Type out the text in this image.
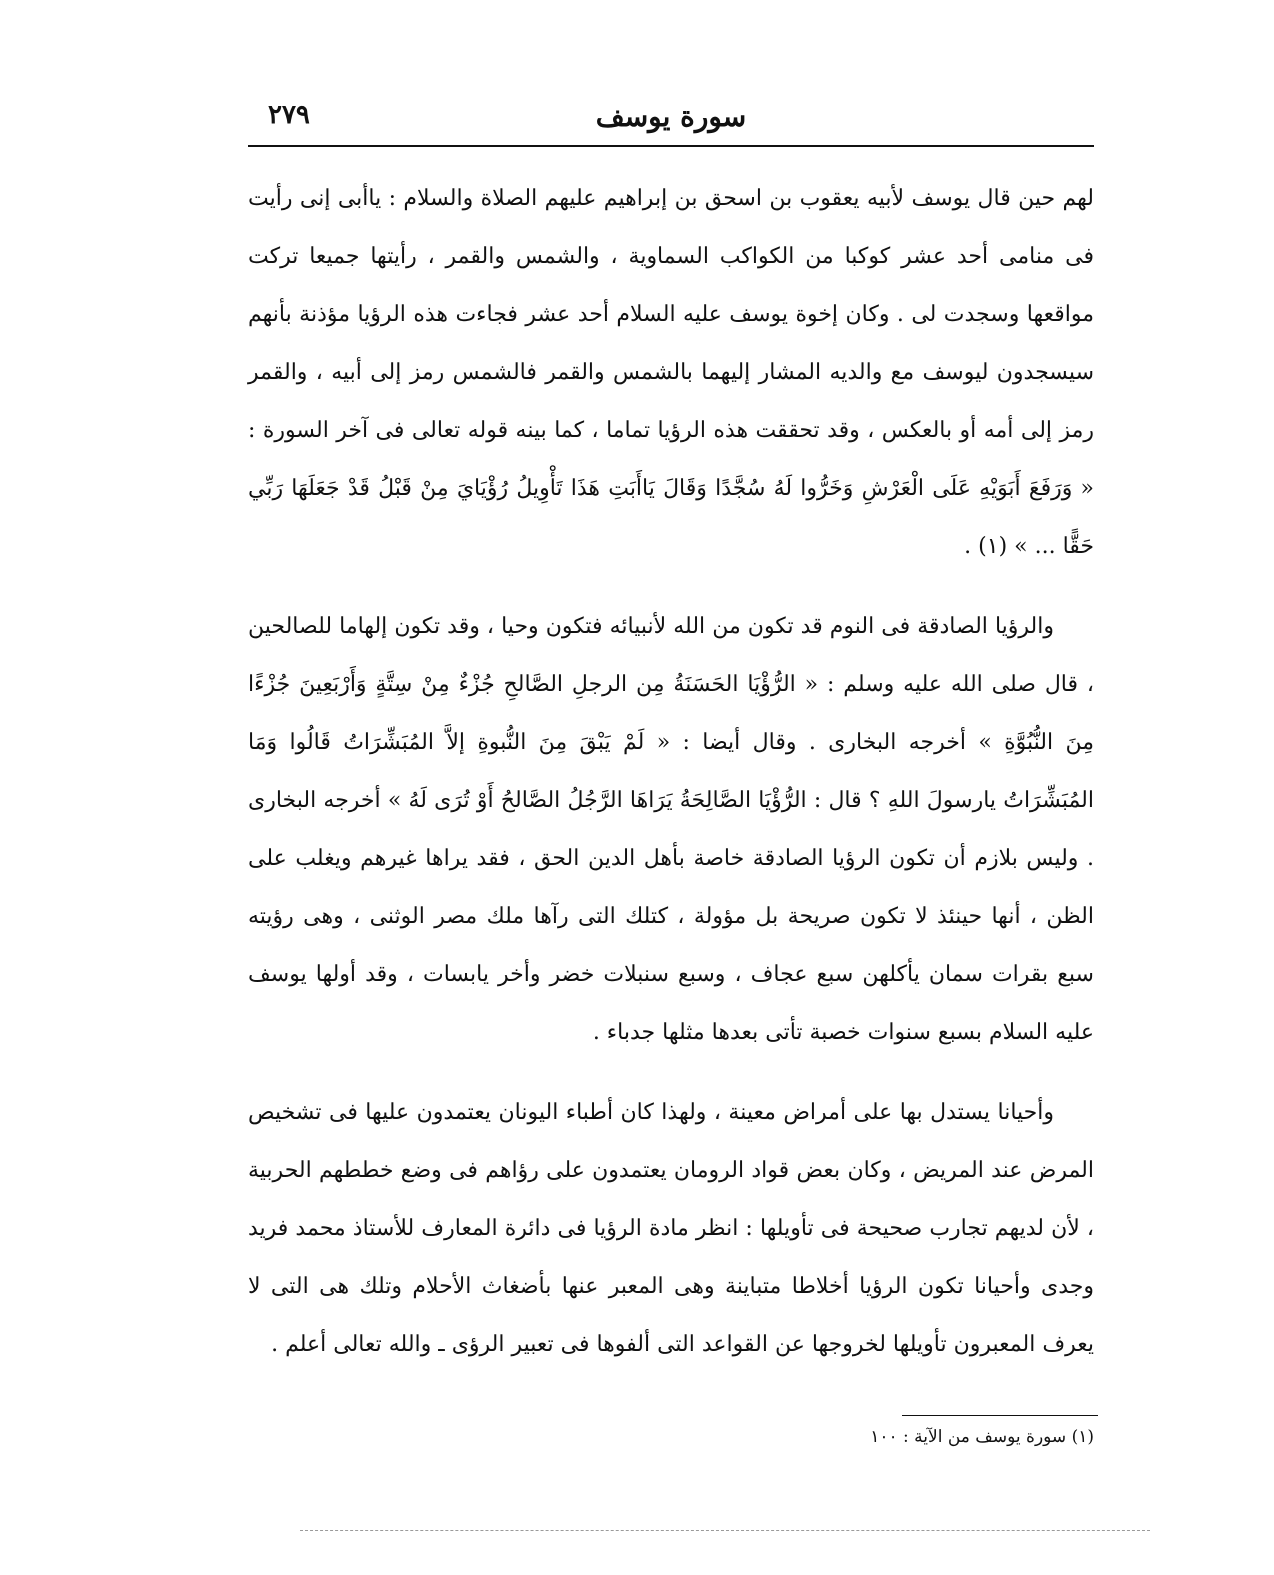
٢٧٩	سورة يوسف

لهم حين قال يوسف لأبيه يعقوب بن اسحق بن إبراهيم عليهم الصلاة والسلام : ياأبى إنى رأيت فى منامى أحد عشر كوكبا من الكواكب السماوية ، والشمس والقمر ، رأيتها جميعا تركت مواقعها وسجدت لى . وكان إخوة يوسف عليه السلام أحد عشر فجاءت هذه الرؤيا مؤذنة بأنهم سيسجدون ليوسف مع والديه المشار إليهما بالشمس والقمر فالشمس رمز إلى أبيه ، والقمر رمز إلى أمه أو بالعكس ، وقد تحققت هذه الرؤيا تماما ، كما بينه قوله تعالى فى آخر السورة : « وَرَفَعَ أَبَوَيْهِ عَلَى الْعَرْشِ وَخَرُّوا لَهُ سُجَّدًا وَقَالَ يَاأَبَتِ هَذَا تَأْوِيلُ رُؤْيَايَ مِنْ قَبْلُ قَدْ جَعَلَهَا رَبِّي حَقًّا ... » (١) .

والرؤيا الصادقة فى النوم قد تكون من الله لأنبيائه فتكون وحيا ، وقد تكون إلهاما للصالحين ، قال صلى الله عليه وسلم : « الرُّؤْيَا الحَسَنَةُ مِن الرجلِ الصَّالحِ جُزْءٌ مِنْ سِتَّةٍ وَأَرْبَعِينَ جُزْءًا مِنَ النُّبُوَّةِ » أخرجه البخارى . وقال أيضا : « لَمْ يَبْقَ مِنَ النُّبوةِ إلاَّ المُبَشِّرَاتُ قَالُوا وَمَا المُبَشِّرَاتُ يارسولَ اللهِ ؟ قال : الرُّؤْيَا الصَّالِحَةُ يَرَاهَا الرَّجُلُ الصَّالحُ أَوْ تُرَى لَهُ » أخرجه البخارى . وليس بلازم أن تكون الرؤيا الصادقة خاصة بأهل الدين الحق ، فقد يراها غيرهم ويغلب على الظن ، أنها حينئذ لا تكون صريحة بل مؤولة ، كتلك التى رآها ملك مصر الوثنى ، وهى رؤيته سبع بقرات سمان يأكلهن سبع عجاف ، وسبع سنبلات خضر وأخر يابسات ، وقد أولها يوسف عليه السلام بسبع سنوات خصبة تأتى بعدها مثلها جدباء .

وأحيانا يستدل بها على أمراض معينة ، ولهذا كان أطباء اليونان يعتمدون عليها فى تشخيص المرض عند المريض ، وكان بعض قواد الرومان يعتمدون على رؤاهم فى وضع خططهم الحربية ، لأن لديهم تجارب صحيحة فى تأويلها : انظر مادة الرؤيا فى دائرة المعارف للأستاذ محمد فريد وجدى وأحيانا تكون الرؤيا أخلاطا متباينة وهى المعبر عنها بأضغاث الأحلام وتلك هى التى لا يعرف المعبرون تأويلها لخروجها عن القواعد التى ألفوها فى تعبير الرؤى ـ والله تعالى أعلم .

(١) سورة يوسف من الآية : ١٠٠
